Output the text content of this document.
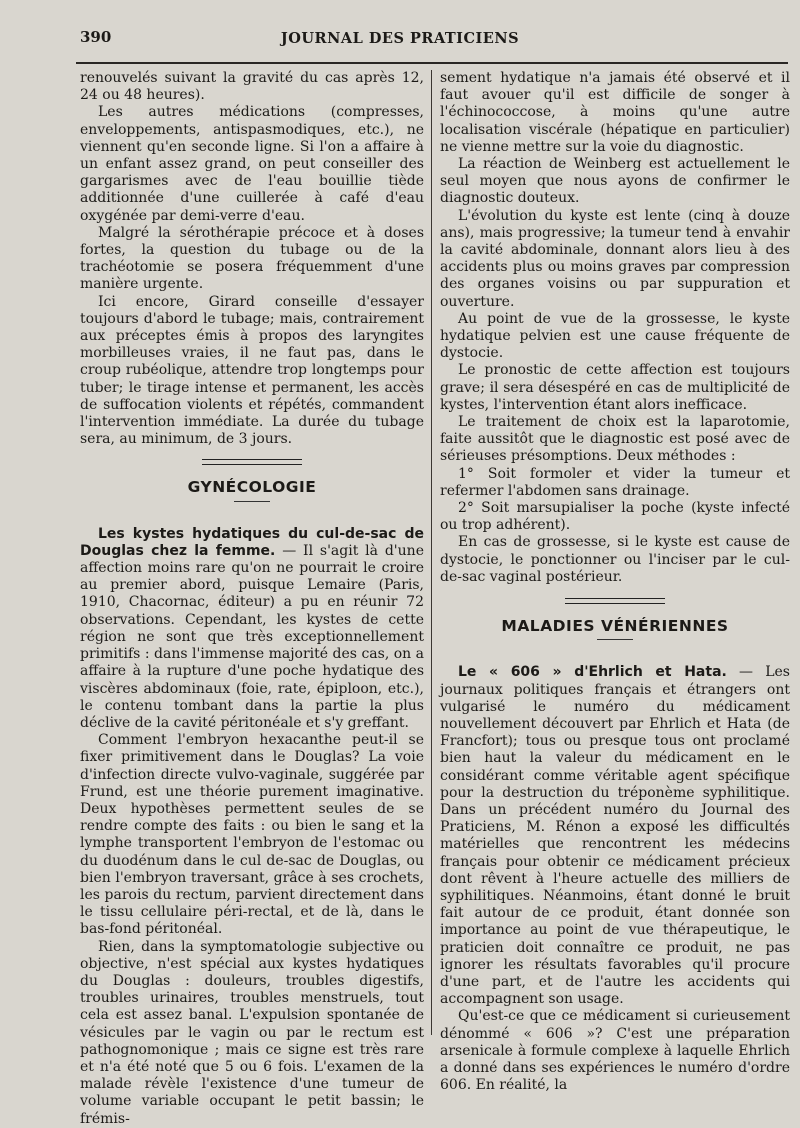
390	JOURNAL DES PRATICIENS

renouvelés suivant la gravité du cas après 12, 24 ou 48 heures).

Les autres médications (compresses, enveloppements, antispasmodiques, etc.), ne viennent qu'en seconde ligne. Si l'on a affaire à un enfant assez grand, on peut conseiller des gargarismes avec de l'eau bouillie tiède additionnée d'une cuillerée à café d'eau oxygénée par demi-verre d'eau.

Malgré la sérothérapie précoce et à doses fortes, la question du tubage ou de la trachéotomie se posera fréquemment d'une manière urgente.

Ici encore, Girard conseille d'essayer toujours d'abord le tubage; mais, contrairement aux préceptes émis à propos des laryngites morbilleuses vraies, il ne faut pas, dans le croup rubéolique, attendre trop longtemps pour tuber; le tirage intense et permanent, les accès de suffocation violents et répétés, commandent l'intervention immédiate. La durée du tubage sera, au minimum, de 3 jours.

GYNÉCOLOGIE

Les kystes hydatiques du cul-de-sac de Douglas chez la femme. — Il s'agit là d'une affection moins rare qu'on ne pourrait le croire au premier abord, puisque Lemaire (Paris, 1910, Chacornac, éditeur) a pu en réunir 72 observations. Cependant, les kystes de cette région ne sont que très exceptionnellement primitifs : dans l'immense majorité des cas, on a affaire à la rupture d'une poche hydatique des viscères abdominaux (foie, rate, épiploon, etc.), le contenu tombant dans la partie la plus déclive de la cavité péritonéale et s'y greffant.

Comment l'embryon hexacanthe peut-il se fixer primitivement dans le Douglas? La voie d'infection directe vulvo-vaginale, suggérée par Frund, est une théorie purement imaginative. Deux hypothèses permettent seules de se rendre compte des faits : ou bien le sang et la lymphe transportent l'embryon de l'estomac ou du duodénum dans le cul de-sac de Douglas, ou bien l'embryon traversant, grâce à ses crochets, les parois du rectum, parvient directement dans le tissu cellulaire péri-rectal, et de là, dans le bas-fond péritonéal.

Rien, dans la symptomatologie subjective ou objective, n'est spécial aux kystes hydatiques du Douglas : douleurs, troubles digestifs, troubles urinaires, troubles menstruels, tout cela est assez banal. L'expulsion spontanée de vésicules par le vagin ou par le rectum est pathognomonique ; mais ce signe est très rare et n'a été noté que 5 ou 6 fois. L'examen de la malade révèle l'existence d'une tumeur de volume variable occupant le petit bassin; le frémis-

sement hydatique n'a jamais été observé et il faut avouer qu'il est difficile de songer à l'échinococcose, à moins qu'une autre localisation viscérale (hépatique en particulier) ne vienne mettre sur la voie du diagnostic.

La réaction de Weinberg est actuellement le seul moyen que nous ayons de confirmer le diagnostic douteux.

L'évolution du kyste est lente (cinq à douze ans), mais progressive; la tumeur tend à envahir la cavité abdominale, donnant alors lieu à des accidents plus ou moins graves par compression des organes voisins ou par suppuration et ouverture.

Au point de vue de la grossesse, le kyste hydatique pelvien est une cause fréquente de dystocie.

Le pronostic de cette affection est toujours grave; il sera désespéré en cas de multiplicité de kystes, l'intervention étant alors inefficace.

Le traitement de choix est la laparotomie, faite aussitôt que le diagnostic est posé avec de sérieuses présomptions. Deux méthodes :

1° Soit formoler et vider la tumeur et refermer l'abdomen sans drainage.

2° Soit marsupialiser la poche (kyste infecté ou trop adhérent).

En cas de grossesse, si le kyste est cause de dystocie, le ponctionner ou l'inciser par le cul-de-sac vaginal postérieur.

MALADIES VÉNÉRIENNES

Le « 606 » d'Ehrlich et Hata. — Les journaux politiques français et étrangers ont vulgarisé le numéro du médicament nouvellement découvert par Ehrlich et Hata (de Francfort); tous ou presque tous ont proclamé bien haut la valeur du médicament en le considérant comme véritable agent spécifique pour la destruction du tréponème syphilitique. Dans un précédent numéro du Journal des Praticiens, M. Rénon a exposé les difficultés matérielles que rencontrent les médecins français pour obtenir ce médicament précieux dont rêvent à l'heure actuelle des milliers de syphilitiques. Néanmoins, étant donné le bruit fait autour de ce produit, étant donnée son importance au point de vue thérapeutique, le praticien doit connaître ce produit, ne pas ignorer les résultats favorables qu'il procure d'une part, et de l'autre les accidents qui accompagnent son usage.

Qu'est-ce que ce médicament si curieusement dénommé « 606 »? C'est une préparation arsenicale à formule complexe à laquelle Ehrlich a donné dans ses expériences le numéro d'ordre 606. En réalité, la
